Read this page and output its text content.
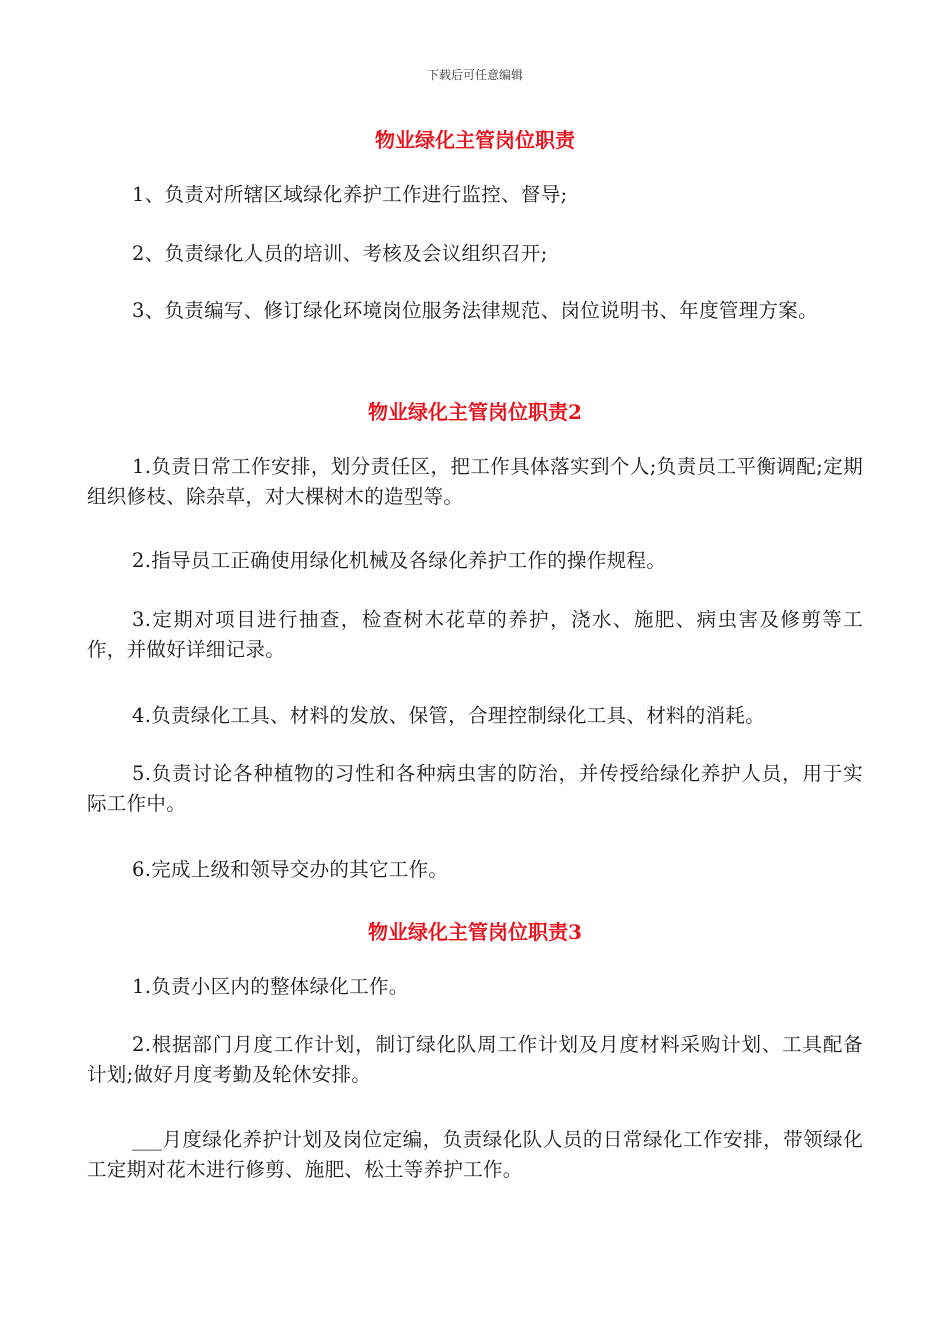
下载后可任意编辑
物业绿化主管岗位职责

1、负责对所辖区域绿化养护工作进行监控、督导;

2、负责绿化人员的培训、考核及会议组织召开;

3、负责编写、修订绿化环境岗位服务法律规范、岗位说明书、年度管理方案。

物业绿化主管岗位职责2

1.负责日常工作安排，划分责任区，把工作具体落实到个人;负责员工平衡调配;定期组织修枝、除杂草，对大棵树木的造型等。

2.指导员工正确使用绿化机械及各绿化养护工作的操作规程。

3.定期对项目进行抽查，检查树木花草的养护，浇水、施肥、病虫害及修剪等工作，并做好详细记录。

4.负责绿化工具、材料的发放、保管，合理控制绿化工具、材料的消耗。

5.负责讨论各种植物的习性和各种病虫害的防治，并传授给绿化养护人员，用于实际工作中。

6.完成上级和领导交办的其它工作。

物业绿化主管岗位职责3

1.负责小区内的整体绿化工作。

2.根据部门月度工作计划，制订绿化队周工作计划及月度材料采购计划、工具配备计划;做好月度考勤及轮休安排。

___月度绿化养护计划及岗位定编，负责绿化队人员的日常绿化工作安排，带领绿化工定期对花木进行修剪、施肥、松土等养护工作。
